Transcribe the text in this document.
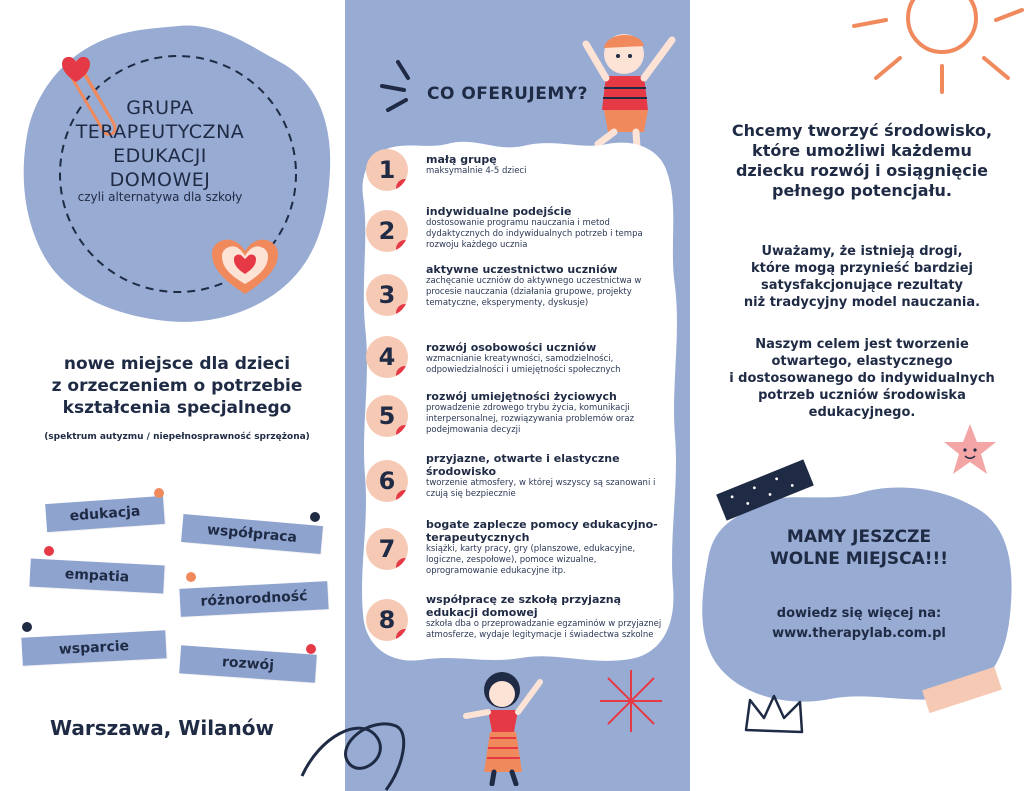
GRUPA
TERAPEUTYCZNA
EDUKACJI DOMOWEJ
czyli alternatywa dla szkoły
nowe miejsce dla dzieci
z orzeczeniem o potrzebie
kształcenia specjalnego
(spektrum autyzmu / niepełnosprawność sprzężona)
edukacja
współpraca
empatia
różnorodność
wsparcie
rozwój
Warszawa, Wilanów
CO OFERUJEMY?
1	małą grupę
maksymalnie 4-5 dzieci
2
indywidualne podejście
dostosowanie programu nauczania i metod dydaktycznych do indywidualnych potrzeb i tempa rozwoju każdego ucznia
3
aktywne uczestnictwo uczniów
zachęcanie uczniów do aktywnego uczestnictwa w procesie nauczania (działania grupowe, projekty tematyczne, eksperymenty, dyskusje)
4	rozwój osobowości uczniów
wzmacnianie kreatywności, samodzielności, odpowiedzialności i umiejętności społecznych
5
rozwój umiejętności życiowych
prowadzenie zdrowego trybu życia, komunikacji interpersonalnej, rozwiązywania problemów oraz podejmowania decyzji
6
przyjazne, otwarte i elastyczne środowisko
tworzenie atmosfery, w której wszyscy są szanowani i czują się bezpiecznie
7
bogate zaplecze pomocy edukacyjno-terapeutycznych
książki, karty pracy, gry (planszowe, edukacyjne, logiczne, zespołowe), pomoce wizualne, oprogramowanie edukacyjne itp.
8
współpracę ze szkołą przyjazną edukacji domowej
szkoła dba o przeprowadzanie egzaminów w przyjaznej atmosferze, wydaje legitymacje i świadectwa szkolne
Chcemy tworzyć środowisko,
które umożliwi każdemu
dziecku rozwój i osiągnięcie
pełnego potencjału.
Uważamy, że istnieją drogi,
które mogą przynieść bardziej
satysfakcjonujące rezultaty
niż tradycyjny model nauczania.
Naszym celem jest tworzenie
otwartego, elastycznego
i dostosowanego do indywidualnych
potrzeb uczniów środowiska
edukacyjnego.
MAMY JESZCZE
WOLNE MIEJSCA!!!
dowiedz się więcej na:
www.therapylab.com.pl
